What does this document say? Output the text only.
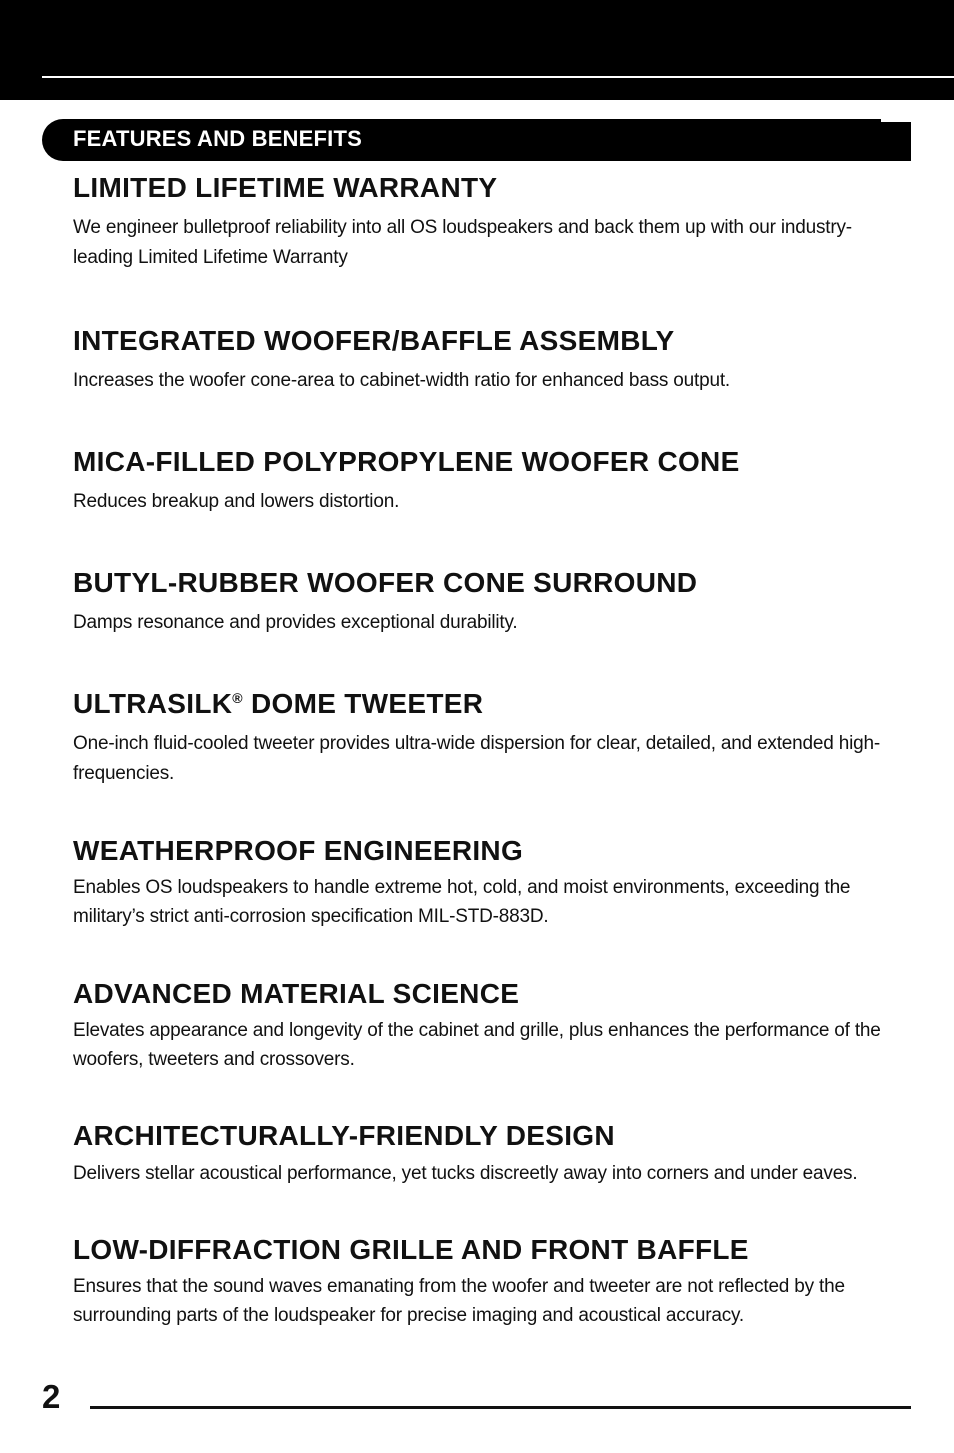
FEATURES AND BENEFITS
LIMITED LIFETIME WARRANTY

We engineer bulletproof reliability into all OS loudspeakers and back them up with our industry-leading Limited Lifetime Warranty

INTEGRATED WOOFER/BAFFLE ASSEMBLY

Increases the woofer cone-area to cabinet-width ratio for enhanced bass output.

MICA-FILLED POLYPROPYLENE WOOFER CONE

Reduces breakup and lowers distortion.

BUTYL-RUBBER WOOFER CONE SURROUND

Damps resonance and provides exceptional durability.

ULTRASILK® DOME TWEETER

One-inch fluid-cooled tweeter provides ultra-wide dispersion for clear, detailed, and extended high-frequencies.

WEATHERPROOF ENGINEERING

Enables OS loudspeakers to handle extreme hot, cold, and moist environments, exceeding the military’s strict anti-corrosion specification MIL-STD-883D.

ADVANCED MATERIAL SCIENCE

Elevates appearance and longevity of the cabinet and grille, plus enhances the performance of the woofers, tweeters and crossovers.

ARCHITECTURALLY-FRIENDLY DESIGN

Delivers stellar acoustical performance, yet tucks discreetly away into corners and under eaves.

LOW-DIFFRACTION GRILLE AND FRONT BAFFLE

Ensures that the sound waves emanating from the woofer and tweeter are not reflected by the surrounding parts of the loudspeaker for precise imaging and acoustical accuracy.

2
